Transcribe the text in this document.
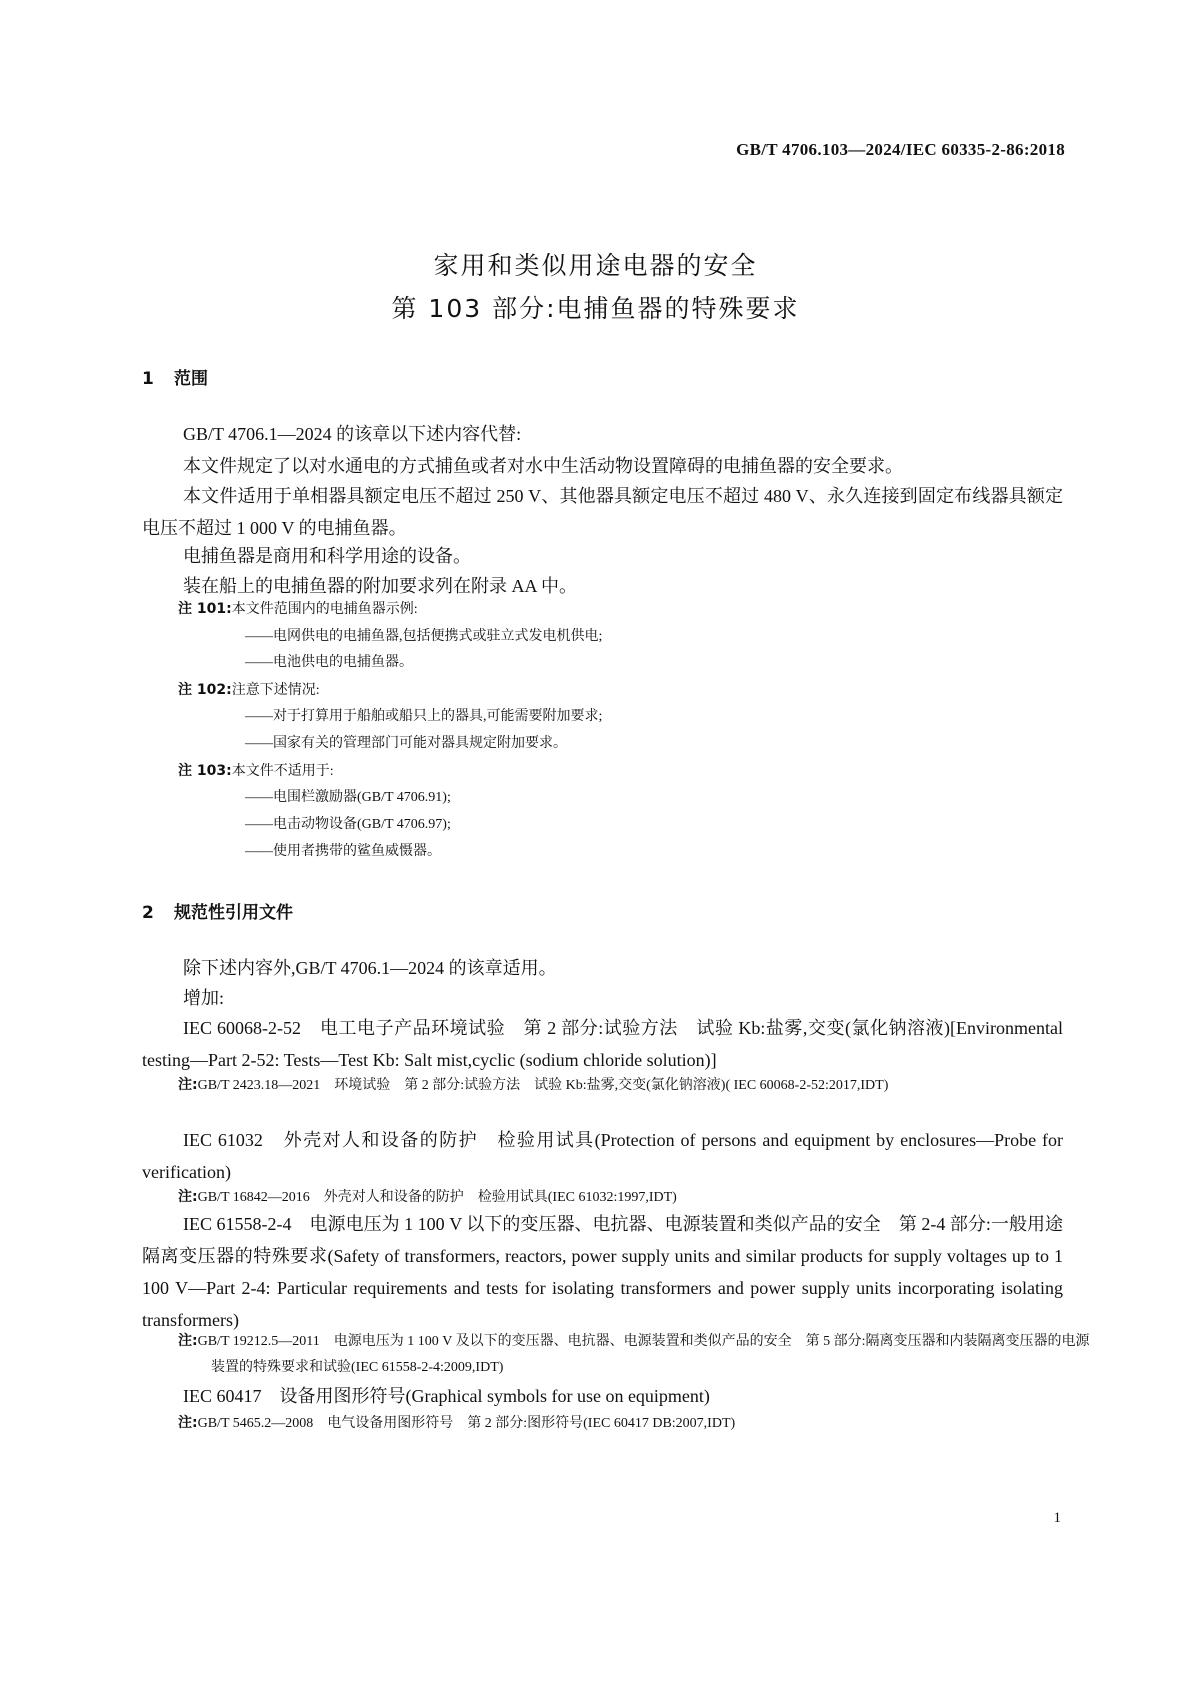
GB/T 4706.103—2024/IEC 60335-2-86:2018
家用和类似用途电器的安全
第 103 部分:电捕鱼器的特殊要求
1 范围
GB/T 4706.1—2024 的该章以下述内容代替:
本文件规定了以对水通电的方式捕鱼或者对水中生活动物设置障碍的电捕鱼器的安全要求。
本文件适用于单相器具额定电压不超过 250 V、其他器具额定电压不超过 480 V、永久连接到固定布线器具额定电压不超过 1 000 V 的电捕鱼器。
电捕鱼器是商用和科学用途的设备。
装在船上的电捕鱼器的附加要求列在附录 AA 中。
注 101:本文件范围内的电捕鱼器示例:
——电网供电的电捕鱼器,包括便携式或驻立式发电机供电;
——电池供电的电捕鱼器。
注 102:注意下述情况:
——对于打算用于船舶或船只上的器具,可能需要附加要求;
——国家有关的管理部门可能对器具规定附加要求。
注 103:本文件不适用于:
——电围栏激励器(GB/T 4706.91);
——电击动物设备(GB/T 4706.97);
——使用者携带的鲨鱼威慑器。
2 规范性引用文件
除下述内容外,GB/T 4706.1—2024 的该章适用。
增加:
IEC 60068-2-52　电工电子产品环境试验　第 2 部分:试验方法　试验 Kb:盐雾,交变(氯化钠溶液)[Environmental testing—Part 2-52: Tests—Test Kb: Salt mist,cyclic (sodium chloride solution)]
注:GB/T 2423.18—2021　环境试验　第 2 部分:试验方法　试验 Kb:盐雾,交变(氯化钠溶液)( IEC 60068-2-52:2017,IDT)
IEC 61032　外壳对人和设备的防护　检验用试具(Protection of persons and equipment by enclosures—Probe for verification)
注:GB/T 16842—2016　外壳对人和设备的防护　检验用试具(IEC 61032:1997,IDT)
IEC 61558-2-4　电源电压为 1 100 V 以下的变压器、电抗器、电源装置和类似产品的安全　第 2-4 部分:一般用途隔离变压器的特殊要求(Safety of transformers, reactors, power supply units and similar products for supply voltages up to 1 100 V—Part 2-4: Particular requirements and tests for isolating transformers and power supply units incorporating isolating transformers)
注:GB/T 19212.5—2011　电源电压为 1 100 V 及以下的变压器、电抗器、电源装置和类似产品的安全　第 5 部分:隔离变压器和内装隔离变压器的电源装置的特殊要求和试验(IEC 61558-2-4:2009,IDT)
IEC 60417　设备用图形符号(Graphical symbols for use on equipment)
注:GB/T 5465.2—2008　电气设备用图形符号　第 2 部分:图形符号(IEC 60417 DB:2007,IDT)
1
